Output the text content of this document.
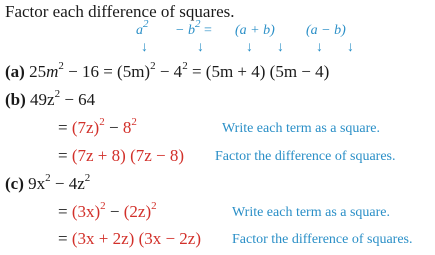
Factor each difference of squares.
$a^2 - b^2 = (a + b) (a - b)$
↓	↓	↓ ↓ ↓ ↓
(a) $25m^2 - 16 = (5m)^2 - 4^2 = (5m + 4) (5m - 4)$
(b) $49z^2 - 64$
= $(7z)^2 - 8^2$	Write each term as a square.
= (7z + 8) (7z − 8) Factor the difference of squares.
(c) $9x^2 - 4z^2$
= $(3x)^2 - (2z)^2$	Write each term as a square.
= (3x + 2z) (3x − 2z) Factor the difference of squares.
